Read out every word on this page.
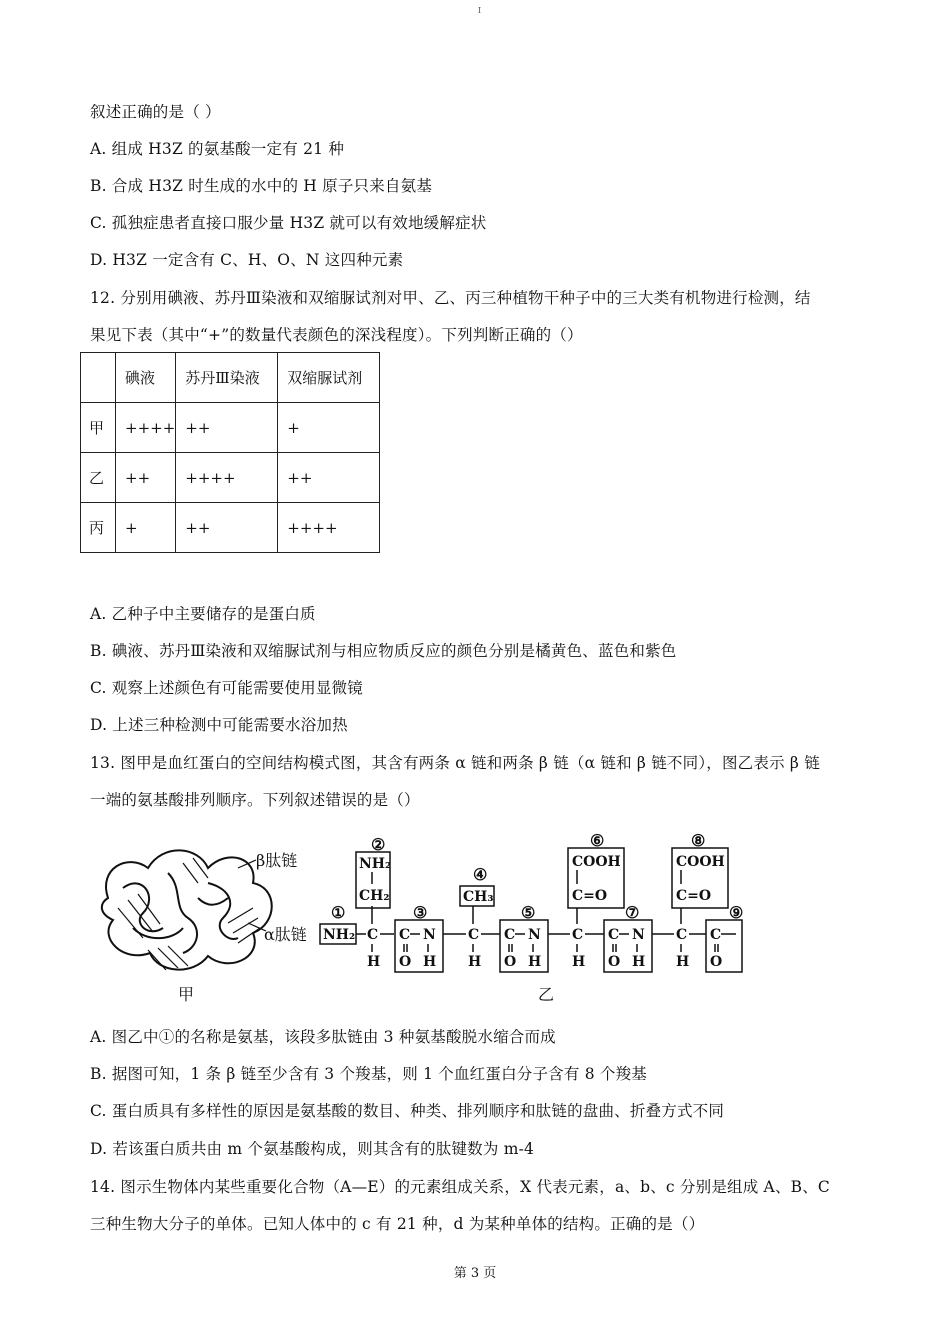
I
叙述正确的是（ ）
A. 组成 H3Z 的氨基酸一定有 21 种
B. 合成 H3Z 时生成的水中的 H 原子只来自氨基
C. 孤独症患者直接口服少量 H3Z 就可以有效地缓解症状
D. H3Z 一定含有 C、H、O、N 这四种元素
12. 分别用碘液、苏丹Ⅲ染液和双缩脲试剂对甲、乙、丙三种植物干种子中的三大类有机物进行检测，结
果见下表（其中“+”的数量代表颜色的深浅程度）。下列判断正确的（）
	碘液	苏丹Ⅲ染液	双缩脲试剂
甲	++++	++	+
乙	++	++++	++
丙	+	++	++++
A. 乙种子中主要储存的是蛋白质
B. 碘液、苏丹Ⅲ染液和双缩脲试剂与相应物质反应的颜色分别是橘黄色、蓝色和紫色
C. 观察上述颜色有可能需要使用显微镜
D. 上述三种检测中可能需要水浴加热
13. 图甲是血红蛋白的空间结构模式图，其含有两条 α 链和两条 β 链（α 链和 β 链不同），图乙表示 β 链
一端的氨基酸排列顺序。下列叙述错误的是（）
β肽链
α肽链
甲
①
②
③
④
⑤
⑥
⑦
⑧
⑨
NH₂ C
H
NH₂
CH₂
C N
O H
C
H
CH₃
C N
O H
C
H
COOH
C=O
C N
O H
C
H
COOH
C=O
C
O
乙
A. 图乙中①的名称是氨基，该段多肽链由 3 种氨基酸脱水缩合而成
B. 据图可知，1 条 β 链至少含有 3 个羧基，则 1 个血红蛋白分子含有 8 个羧基
C. 蛋白质具有多样性的原因是氨基酸的数目、种类、排列顺序和肽链的盘曲、折叠方式不同
D. 若该蛋白质共由 m 个氨基酸构成，则其含有的肽键数为 m-4
14. 图示生物体内某些重要化合物（A—E）的元素组成关系，X 代表元素，a、b、c 分别是组成 A、B、C
三种生物大分子的单体。已知人体中的 c 有 21 种，d 为某种单体的结构。正确的是（）
第 3 页
